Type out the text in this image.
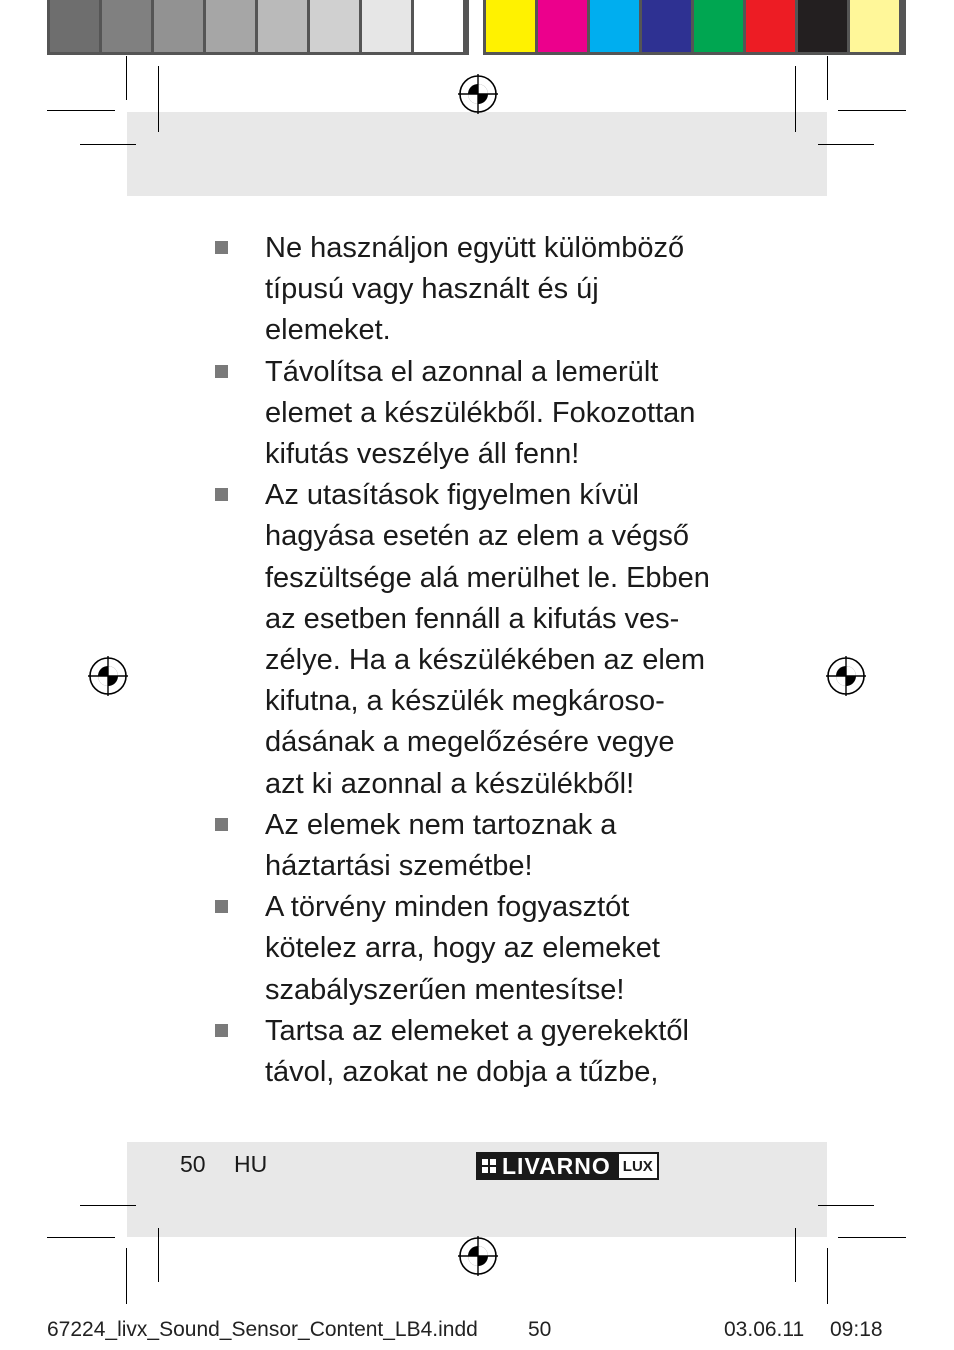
Ne használjon együtt külömböző
típusú vagy használt és új
elemeket.
Távolítsa el azonnal a lemerült
elemet a készülékből. Fokozottan
kifutás veszélye áll fenn!
Az utasítások figyelmen kívül
hagyása esetén az elem a végső
feszültsége alá merülhet le. Ebben
az esetben fennáll a kifutás ves-
zélye. Ha a készülékében az elem
kifutna, a készülék megkároso-
dásának a megelőzésére vegye
azt ki azonnal a készülékből!
Az elemek nem tartoznak a
háztartási szemétbe!
A törvény minden fogyasztót
kötelez arra, hogy az elemeket
szabályszerűen mentesítse!
Tartsa az elemeket a gyerekektől
távol, azokat ne dobja a tűzbe,
50 HU	LIVARNO LUX
67224_livx_Sound_Sensor_Content_LB4.indd 50	03.06.11 09:18
